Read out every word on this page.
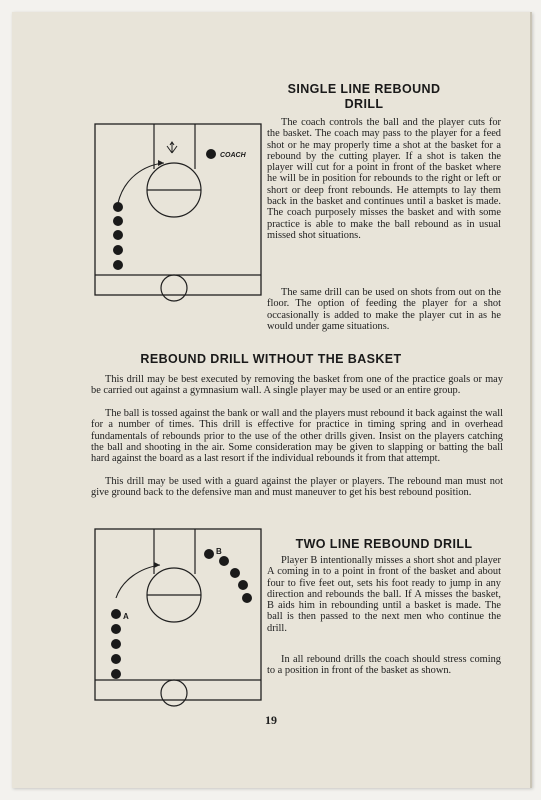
COACH
SINGLE LINE REBOUND
DRILL

The coach controls the ball and the player cuts for the basket. The coach may pass to the player for a feed shot or he may properly time a shot at the basket for a rebound by the cutting player. If a shot is taken the player will cut for a point in front of the basket where he will be in position for rebounds to the right or left or short or deep front rebounds. He attempts to lay them back in the basket and continues until a basket is made. The coach purposely misses the basket and with some practice is able to make the ball rebound as in usual missed shot situations.

The same drill can be used on shots from out on the floor. The option of feeding the player for a shot occasionally is added to make the player cut in as he would under game situations.

REBOUND DRILL WITHOUT THE BASKET

This drill may be best executed by removing the basket from one of the practice goals or may be carried out against a gymnasium wall. A single player may be used or an entire group.

The ball is tossed against the bank or wall and the players must rebound it back against the wall for a number of times. This drill is effective for practice in timing spring and in overhead fundamentals of rebounds prior to the use of the other drills given. Insist on the players catching the ball and shooting in the air. Some consideration may be given to slapping or batting the ball hard against the board as a last resort if the individual rebounds it from that attempt.

This drill may be used with a guard against the player or players. The rebound man must not give ground back to the defensive man and must maneuver to get his best rebound position.

B
A
TWO LINE REBOUND DRILL

Player B intentionally misses a short shot and player A coming in to a point in front of the basket and about four to five feet out, sets his foot ready to jump in any direction and rebounds the ball. If A misses the basket, B aids him in rebounding until a basket is made. The ball is then passed to the next men who continue the drill.

In all rebound drills the coach should stress coming to a position in front of the basket as shown.

19
